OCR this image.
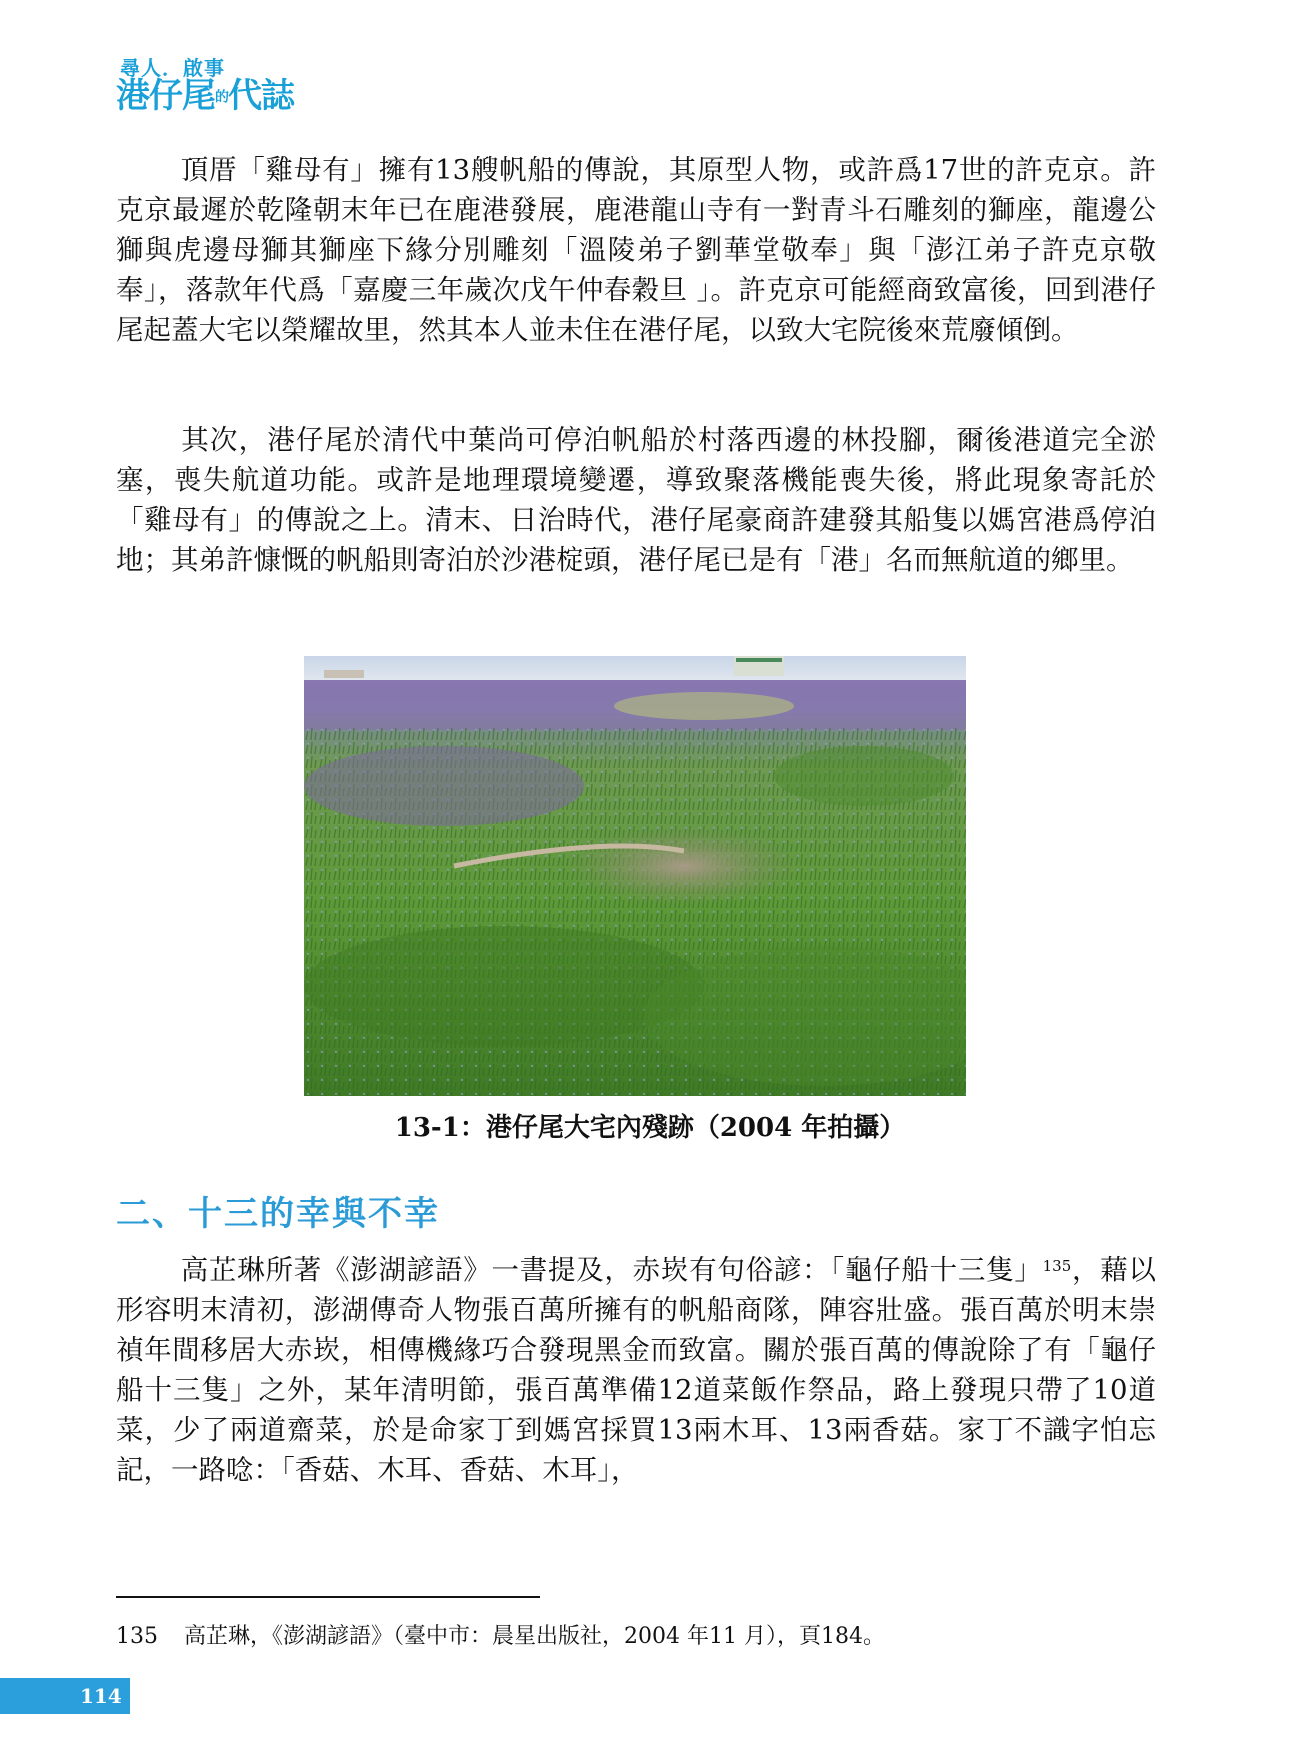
尋人．啟事
港仔尾的代誌

頂厝「雞母有」擁有13艘帆船的傳說，其原型人物，或許爲17世的許克京。許克京最遲於乾隆朝末年已在鹿港發展，鹿港龍山寺有一對青斗石雕刻的獅座，龍邊公獅與虎邊母獅其獅座下緣分別雕刻「溫陵弟子劉華堂敬奉」與「澎江弟子許克京敬奉」，落款年代爲「嘉慶三年歲次戊午仲春穀旦 」。許克京可能經商致富後，回到港仔尾起蓋大宅以榮耀故里，然其本人並未住在港仔尾，以致大宅院後來荒廢傾倒。

其次，港仔尾於清代中葉尚可停泊帆船於村落西邊的林投腳，爾後港道完全淤塞，喪失航道功能。或許是地理環境變遷，導致聚落機能喪失後，將此現象寄託於「雞母有」的傳說之上。清末、日治時代，港仔尾豪商許建發其船隻以媽宮港爲停泊地；其弟許慷慨的帆船則寄泊於沙港椗頭，港仔尾已是有「港」名而無航道的鄉里。

13-1：港仔尾大宅內殘跡（2004 年拍攝）
二、十三的幸與不幸

高芷琳所著《澎湖諺語》一書提及，赤崁有句俗諺：「龜仔船十三隻」$^{135}$，藉以形容明末清初，澎湖傳奇人物張百萬所擁有的帆船商隊，陣容壯盛。張百萬於明末崇禎年間移居大赤崁，相傳機緣巧合發現黑金而致富。關於張百萬的傳說除了有「龜仔船十三隻」之外，某年清明節，張百萬準備12道菜飯作祭品，路上發現只帶了10道菜，少了兩道齋菜，於是命家丁到媽宮採買13兩木耳、13兩香菇。家丁不識字怕忘記，一路唸：「香菇、木耳、香菇、木耳」，

135 高芷琳，《澎湖諺語》（臺中市：晨星出版社，2004 年11 月），頁184。
114
